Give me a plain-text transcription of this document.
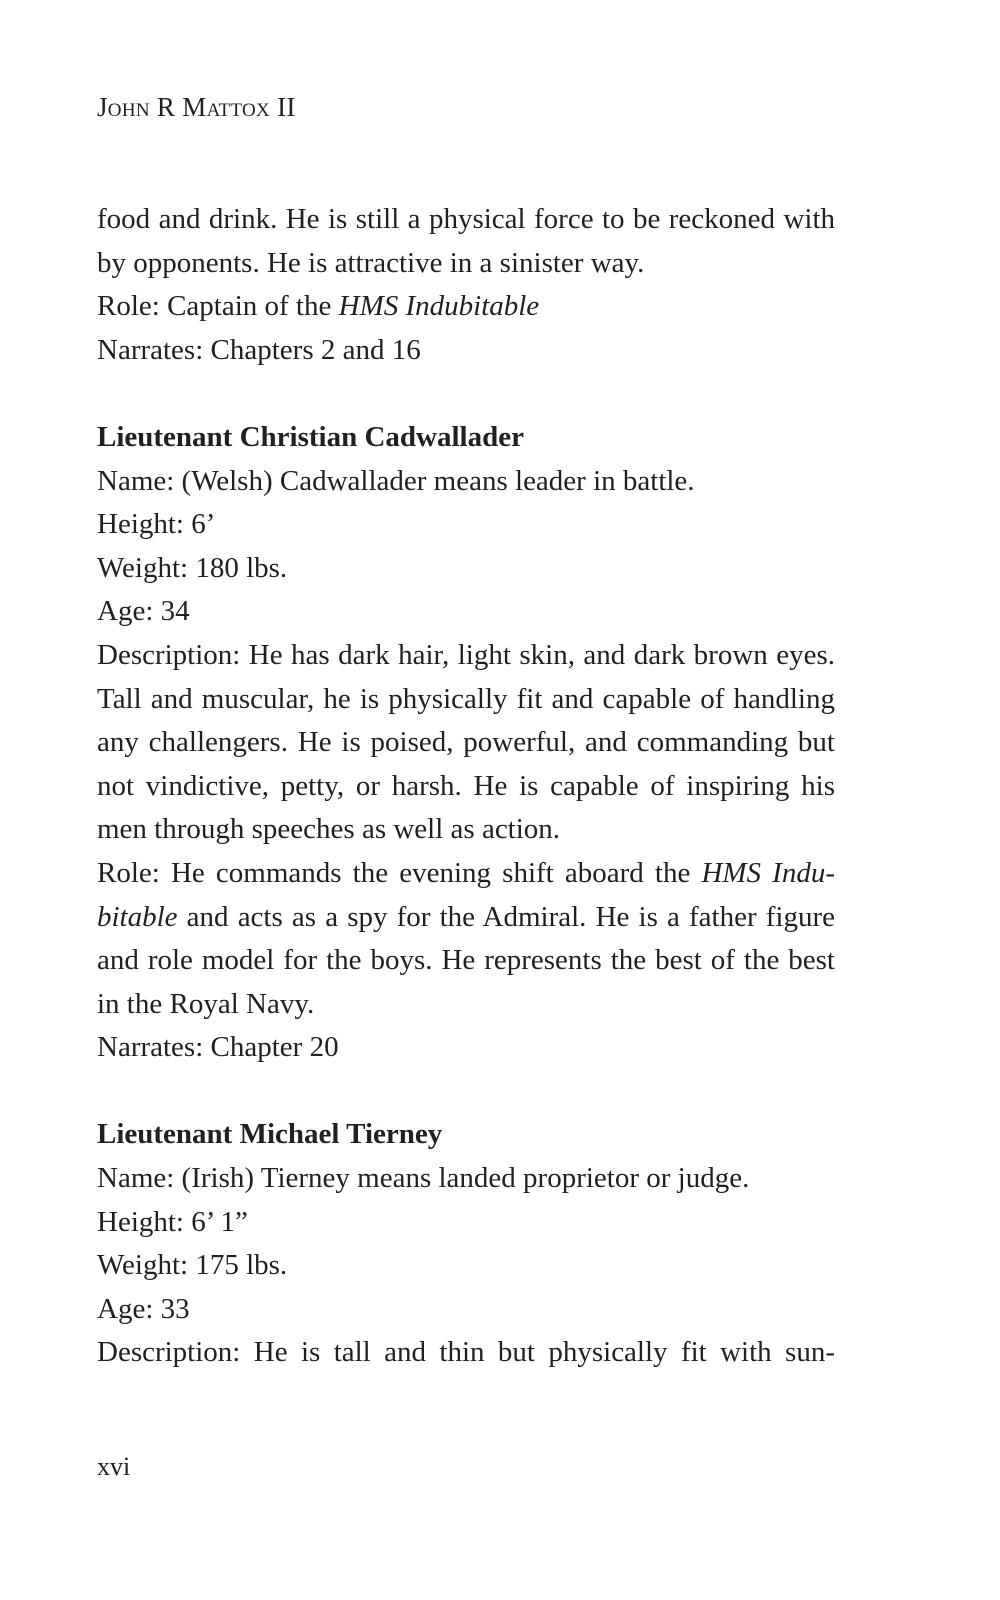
John R Mattox II
food and drink. He is still a physical force to be reckoned with
by opponents. He is attractive in a sinister way.
Role: Captain of the HMS Indubitable
Narrates: Chapters 2 and 16
Lieutenant Christian Cadwallader
Name: (Welsh) Cadwallader means leader in battle.
Height: 6’
Weight: 180 lbs.
Age: 34
Description: He has dark hair, light skin, and dark brown eyes.
Tall and muscular, he is physically fit and capable of handling
any challengers. He is poised, powerful, and commanding but
not vindictive, petty, or harsh. He is capable of inspiring his
men through speeches as well as action.
Role: He commands the evening shift aboard the HMS Indu-
bitable and acts as a spy for the Admiral. He is a father figure
and role model for the boys. He represents the best of the best
in the Royal Navy.
Narrates: Chapter 20
Lieutenant Michael Tierney
Name: (Irish) Tierney means landed proprietor or judge.
Height: 6’ 1”
Weight: 175 lbs.
Age: 33
Description: He is tall and thin but physically fit with sun-
xvi
